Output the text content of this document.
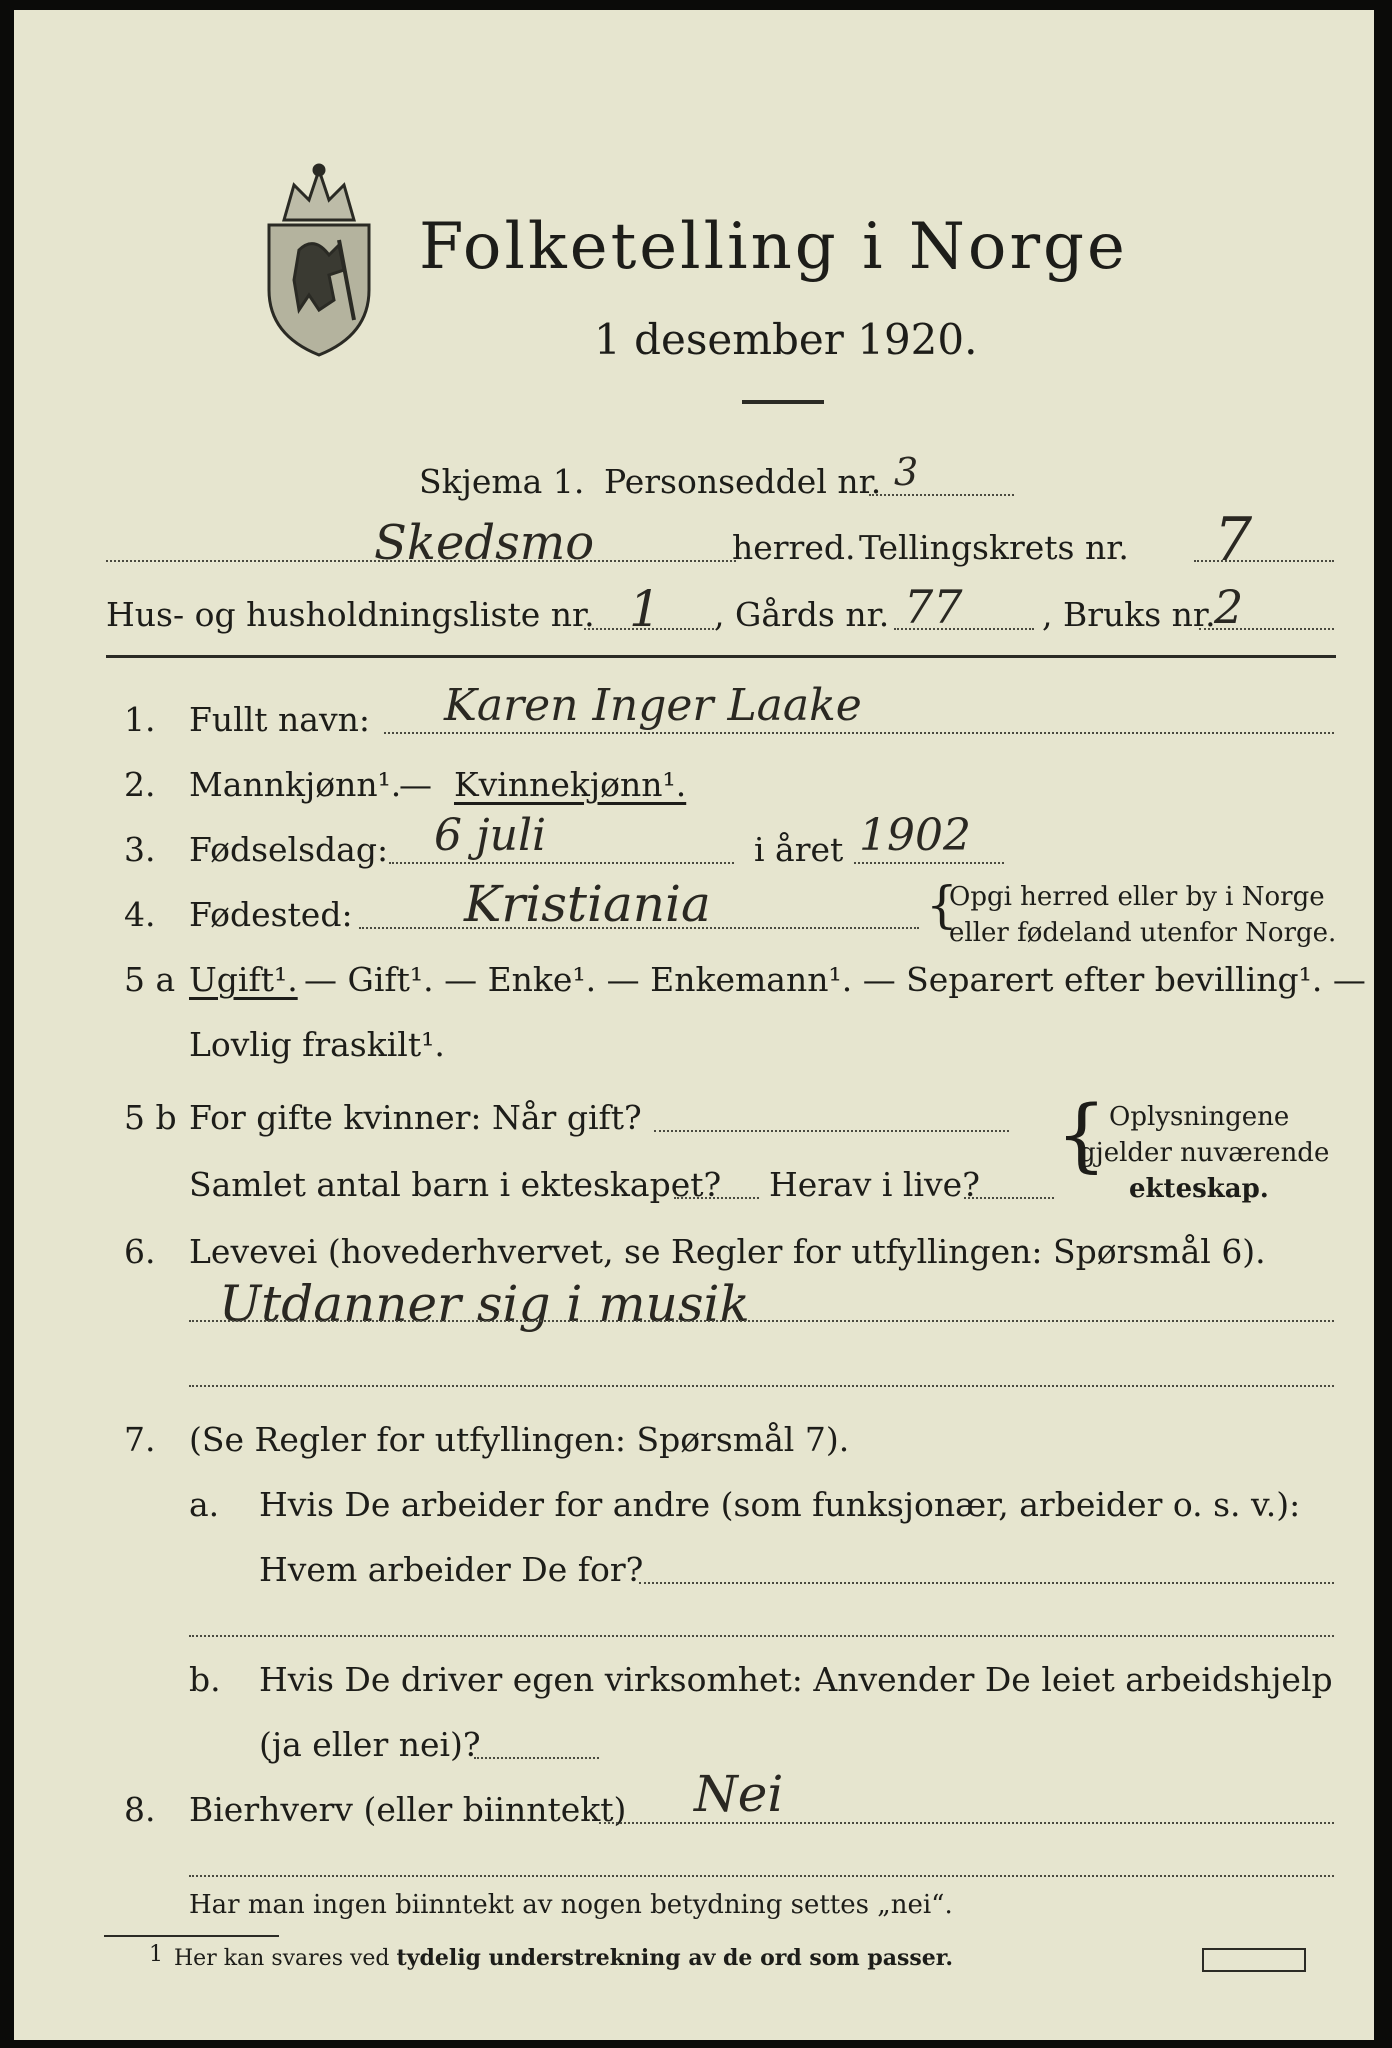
Folketelling i Norge
1 desember 1920.
Skjema 1. Personseddel nr. 3
Skedsmo	herred. Tellingskrets nr. 7
Hus- og husholdningsliste nr. 1 , Gårds nr. 77 , Bruks nr.
2
1. Fullt navn: Karen Inger Laake
2. Mannkjønn¹.
— Kvinnekjønn¹.
3. Fødselsdag: 6 juli	i året 1902
4. Fødested: Kristiania	{
Opgi herred eller by i Norge
eller fødeland utenfor Norge.
5 a Ugift¹. — Gift¹. — Enke¹. — Enkemann¹. — Separert efter bevilling¹. —
Lovlig fraskilt¹.
5 b For gifte kvinner: Når gift?
Samlet antal barn i ekteskapet? Herav i live?
{ Oplysningene
gjelder nuværende
ekteskap.
6. Levevei (hovederhvervet, se Regler for utfyllingen: Spørsmål 6).
Utdanner sig i musik
7. (Se Regler for utfyllingen: Spørsmål 7).
a. Hvis De arbeider for andre (som funksjonær, arbeider o. s. v.):
Hvem arbeider De for?
b. Hvis De driver egen virksomhet: Anvender De leiet arbeidshjelp
(ja eller nei)?
8. Bierhverv (eller biinntekt) Nei
Har man ingen biinntekt av nogen betydning settes „nei“.
1 Her kan svares ved tydelig understrekning av de ord som passer.
